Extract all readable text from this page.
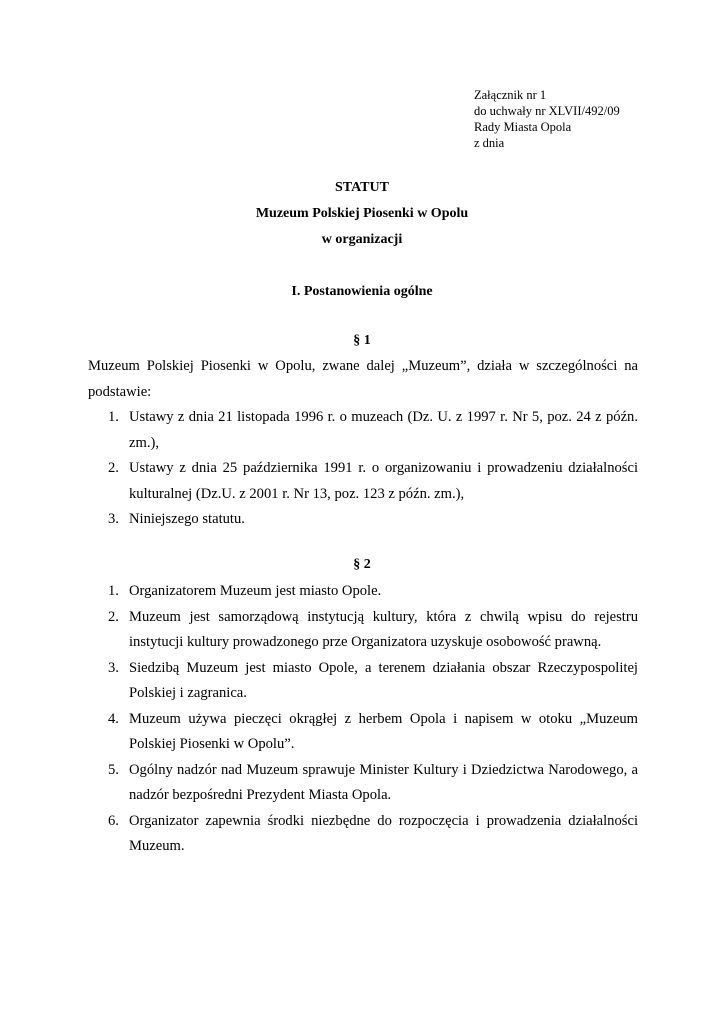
Załącznik nr 1
do uchwały nr XLVII/492/09
Rady Miasta Opola
z dnia
STATUT
Muzeum Polskiej Piosenki w Opolu
w organizacji
I. Postanowienia ogólne
§ 1
Muzeum Polskiej Piosenki w Opolu, zwane dalej „Muzeum”, działa w szczególności na podstawie:
1. Ustawy z dnia 21 listopada 1996 r. o muzeach (Dz. U. z 1997 r. Nr 5, poz. 24 z późn. zm.),
2. Ustawy z dnia 25 października 1991 r. o organizowaniu i prowadzeniu działalności kulturalnej (Dz.U. z 2001 r. Nr 13, poz. 123 z późn. zm.),
3. Niniejszego statutu.
§ 2
1. Organizatorem Muzeum jest miasto Opole.
2. Muzeum jest samorządową instytucją kultury, która z chwilą wpisu do rejestru instytucji kultury prowadzonego prze Organizatora uzyskuje osobowość prawną.
3. Siedzibą Muzeum jest miasto Opole, a terenem działania obszar Rzeczypospolitej Polskiej i zagranica.
4. Muzeum używa pieczęci okrągłej z herbem Opola i napisem w otoku „Muzeum Polskiej Piosenki w Opolu”.
5. Ogólny nadzór nad Muzeum sprawuje Minister Kultury i Dziedzictwa Narodowego, a nadzór bezpośredni Prezydent Miasta Opola.
6. Organizator zapewnia środki niezbędne do rozpoczęcia i prowadzenia działalności Muzeum.
